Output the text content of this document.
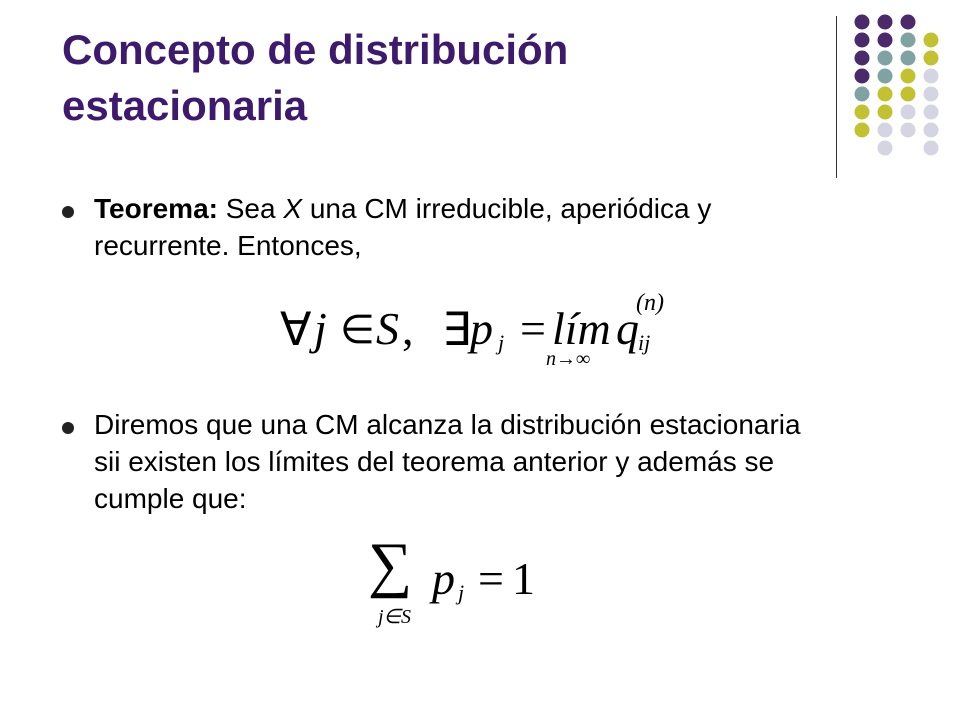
Concepto de distribución estacionaria
Teorema: Sea X una CM irreducible, aperiódica y recurrente. Entonces,
∀ j ∈ S , ∃
p j = lím
n→∞
q
(n)
ij
Diremos que una CM alcanza la distribución estacionaria sii existen los límites del teorema anterior y además se cumple que:
∑
j∈S
p j = 1
